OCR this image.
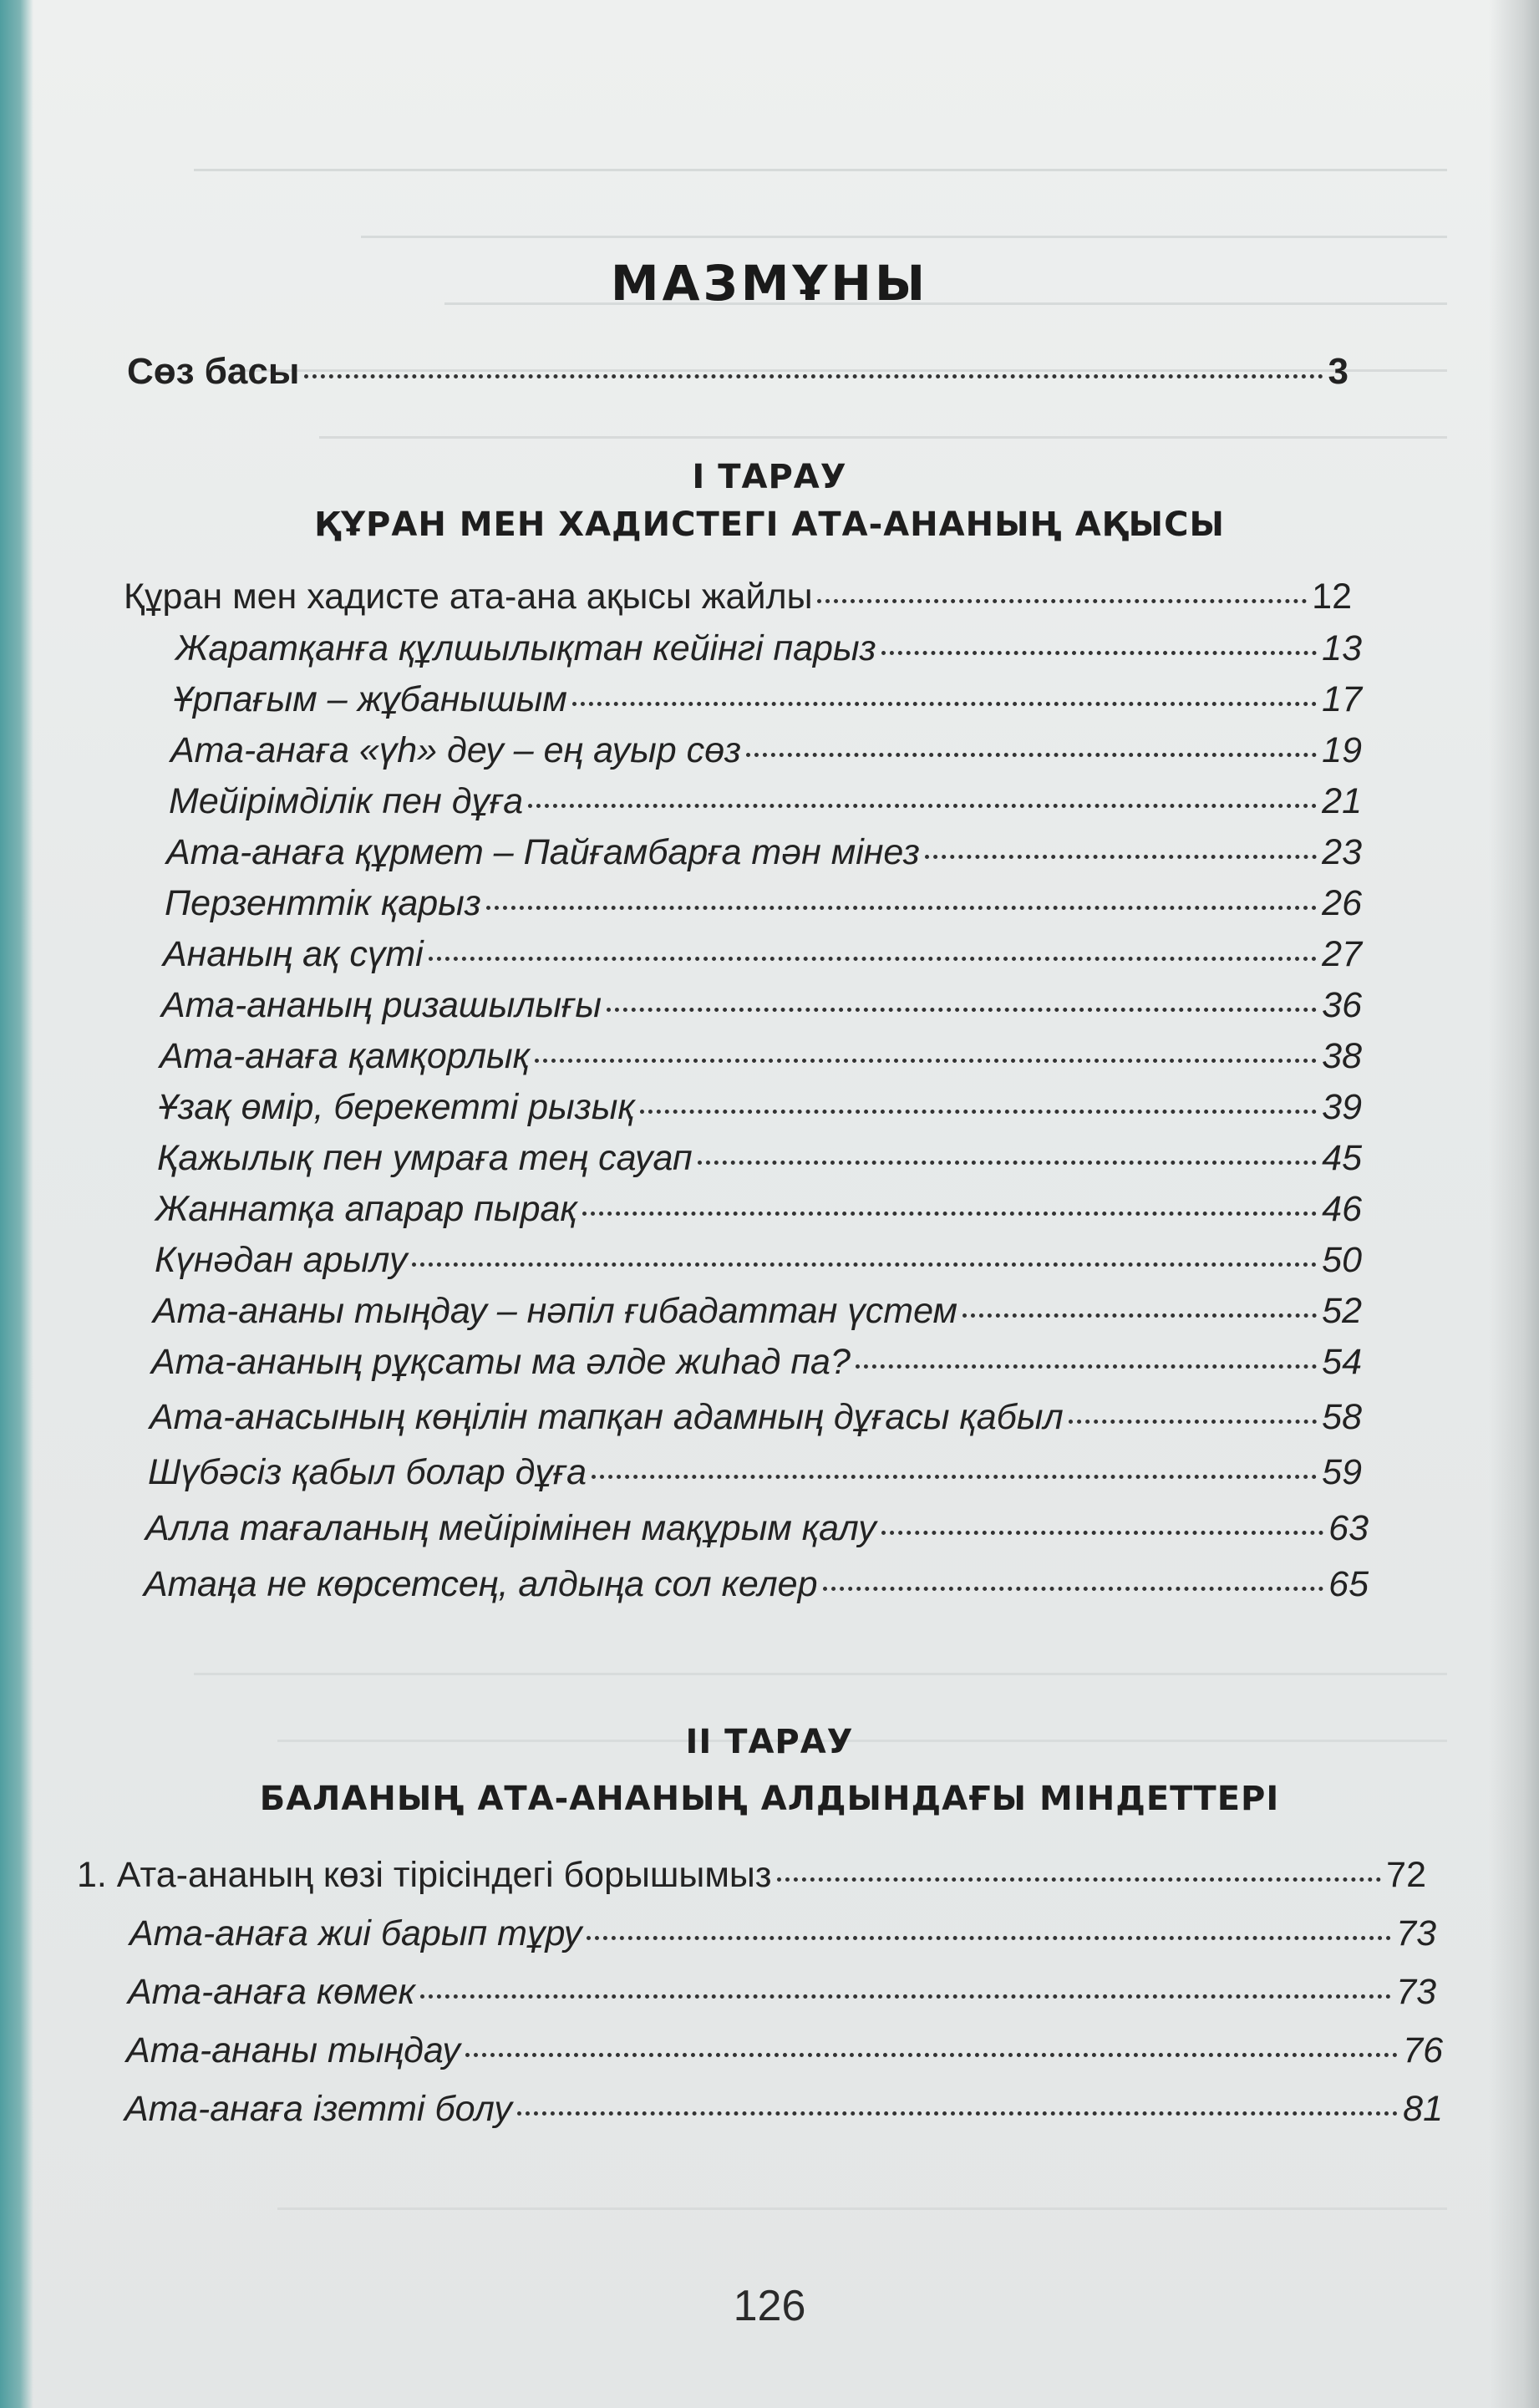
МАЗМҰНЫ
Сөз басы	3
I ТАРАУ
ҚҰРАН МЕН ХАДИСТЕГІ АТА-АНАНЫҢ АҚЫСЫ
Құран мен хадисте ата-ана ақысы жайлы	12
Жаратқанға құлшылықтан кейінгі парыз	13
Ұрпағым – жұбанышым	17
Ата-анаға «үһ» деу – ең ауыр сөз	19
Мейірімділік пен дұға	21
Ата-анаға құрмет – Пайғамбарға тән мінез	23
Перзенттік қарыз	26
Ананың ақ сүті	27
Ата-ананың ризашылығы	36
Ата-анаға қамқорлық	38
Ұзақ өмір, берекетті рызық	39
Қажылық пен умраға тең сауап	45
Жаннатқа апарар пырақ	46
Күнәдан арылу	50
Ата-ананы тыңдау – нәпіл ғибадаттан үстем	52
Ата-ананың рұқсаты ма әлде жиһад па?	54
Ата-анасының көңілін тапқан адамның дұғасы қабыл	58
Шүбәсіз қабыл болар дұға	59
Алла тағаланың мейірімінен мақұрым қалу	63
Атаңа не көрсетсең, алдыңа сол келер	65
II ТАРАУ
БАЛАНЫҢ АТА-АНАНЫҢ АЛДЫНДАҒЫ МІНДЕТТЕРІ
1. Ата-ананың көзі тірісіндегі борышымыз	72
Ата-анаға жиі барып тұру	73
Ата-анаға көмек	73
Ата-ананы тыңдау	76
Ата-анаға ізетті болу	81
126
